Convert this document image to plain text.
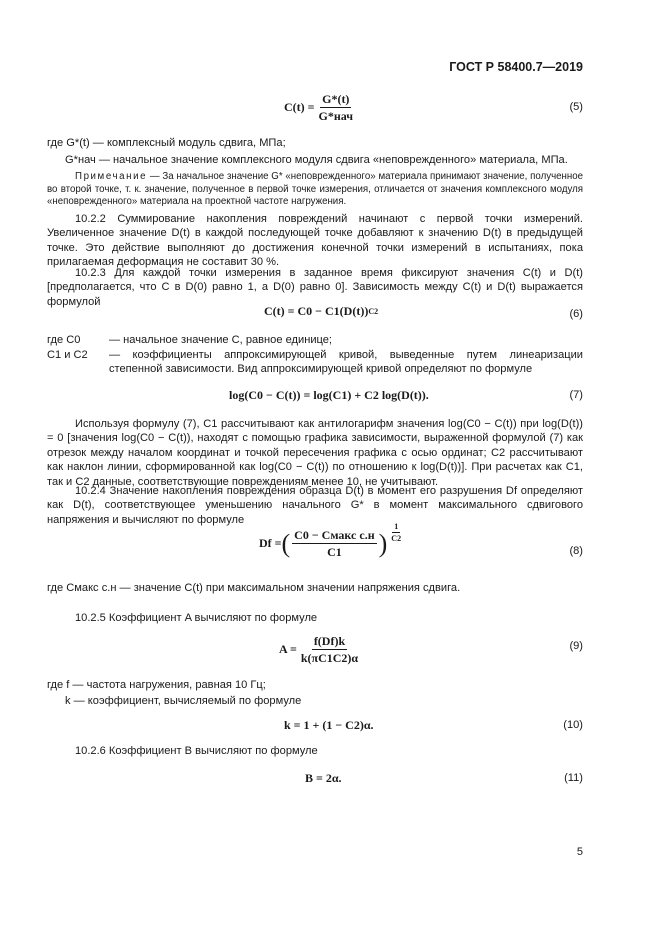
ГОСТ Р 58400.7—2019
$C(t) = \frac{G*(t)}{\text{G*нач}}$	(5)
где G*(t) — комплексный модуль сдвига, МПа;
G*нач — начальное значение комплексного модуля сдвига «неповрежденного» материала, МПа.
Примечание — За начальное значение G* «неповрежденного» материала принимают значение, полученное во второй точке, т. к. значение, полученное в первой точке измерения, отличается от значения комплексного модуля «неповрежденного» материала на проектной частоте нагружения.
10.2.2 Суммирование накопления повреждений начинают с первой точки измерений. Увеличенное значение D(t) в каждой последующей точке добавляют к значению D(t) в предыдущей точке. Это действие выполняют до достижения конечной точки измерений в испытаниях, пока прилагаемая деформация не составит 30 %.
10.2.3 Для каждой точки измерения в заданное время фиксируют значения C(t) и D(t) [предполагается, что C в D(0) равно 1, а D(0) равно 0]. Зависимость между C(t) и D(t) выражается формулой
C(t) = C0 − C1(D(t)) C2	(6)
где C0	— начальное значение С, равное единице;
C1 и C2 — коэффициенты аппроксимирующей кривой, выведенные путем линеаризации степенной зависимости. Вид аппроксимирующей кривой определяют по формуле
log(C0 − C(t)) = log(C1) + C2 log(D(t)).	(7)
Используя формулу (7), C1 рассчитывают как антилогарифм значения log(C0 − C(t)) при log(D(t)) = 0 [значения log(C0 − C(t)), находят с помощью графика зависимости, выраженной формулой (7) как отрезок между началом координат и точкой пересечения графика с осью ординат; C2 рассчитывают как наклон линии, сформированной как log(C0 − C(t)) по отношению к log(D(t))]. При расчетах как C1, так и C2 данные, соответствующие повреждениям менее 10, не учитывают.
10.2.4 Значение накопления повреждения образца D(t) в момент его разрушения Df определяют как D(t), соответствующее уменьшению начального G* в момент максимального сдвигового напряжения и вычисляют по формуле
Df = ( $\frac{\text{C0 − Cмакс с.н}}{C1}$ ) $\frac{1}{C2}$
(8)
где Cмакс с.н — значение C(t) при максимальном значении напряжения сдвига.
10.2.5 Коэффициент A вычисляют по формуле
$A = \frac{f(Df)k}{k(\pi C1C2)\alpha}$	(9)
где f — частота нагружения, равная 10 Гц;
k — коэффициент, вычисляемый по формуле
k = 1 + (1 − C2)α.	(10)
10.2.6 Коэффициент В вычисляют по формуле
B = 2α.	(11)
5
